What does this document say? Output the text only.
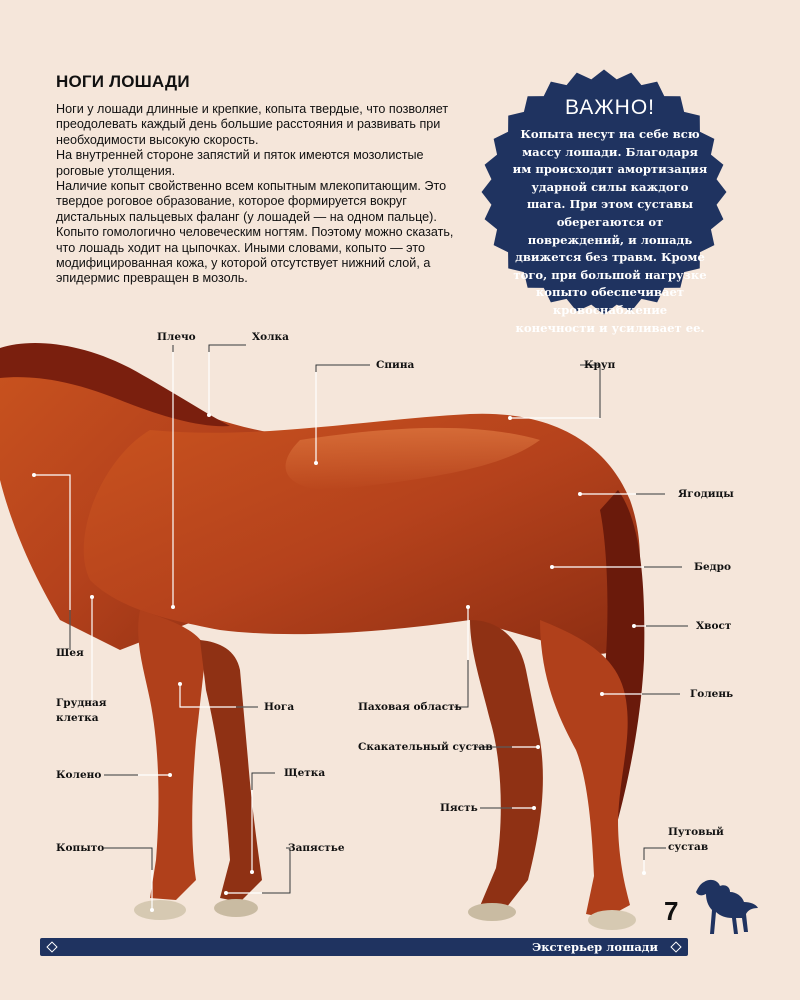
НОГИ ЛОШАДИ

Ноги у лошади длинные и крепкие, копыта твердые, что позволяет преодолевать каждый день большие расстояния и развивать при необходимости высокую скорость.

На внутренней стороне запястий и пяток имеются мозолистые роговые утолщения.

Наличие копыт свойственно всем копытным млекопитающим. Это твердое роговое образование, которое формируется вокруг дистальных пальцевых фаланг (у лошадей — на одном пальце).

Копыто гомологично человеческим ногтям. Поэтому можно сказать, что лошадь ходит на цыпочках. Иными словами, копыто — это модифицированная кожа, у которой отсутствует нижний слой, а эпидермис превращен в мозоль.

ВАЖНО!
Копыта несут на себе всю массу лошади. Благодаря им происходит амортизация ударной силы каждого шага. При этом суставы оберегаются от повреждений, и лошадь движется без травм. Кроме того, при большой нагрузке копыто обеспечивает кровоснабжение конечности и усиливает ее.
Плечо	Холка
Спина	Круп
Ягодицы
Бедро
Хвост
Голень
Шея
Грудная
клетка
Нога	Паховая область
Скакательный сустав
Колено	Щетка
Пясть
Путовый
сустав
Копыто	Запястье
7
Экстерьер лошади
